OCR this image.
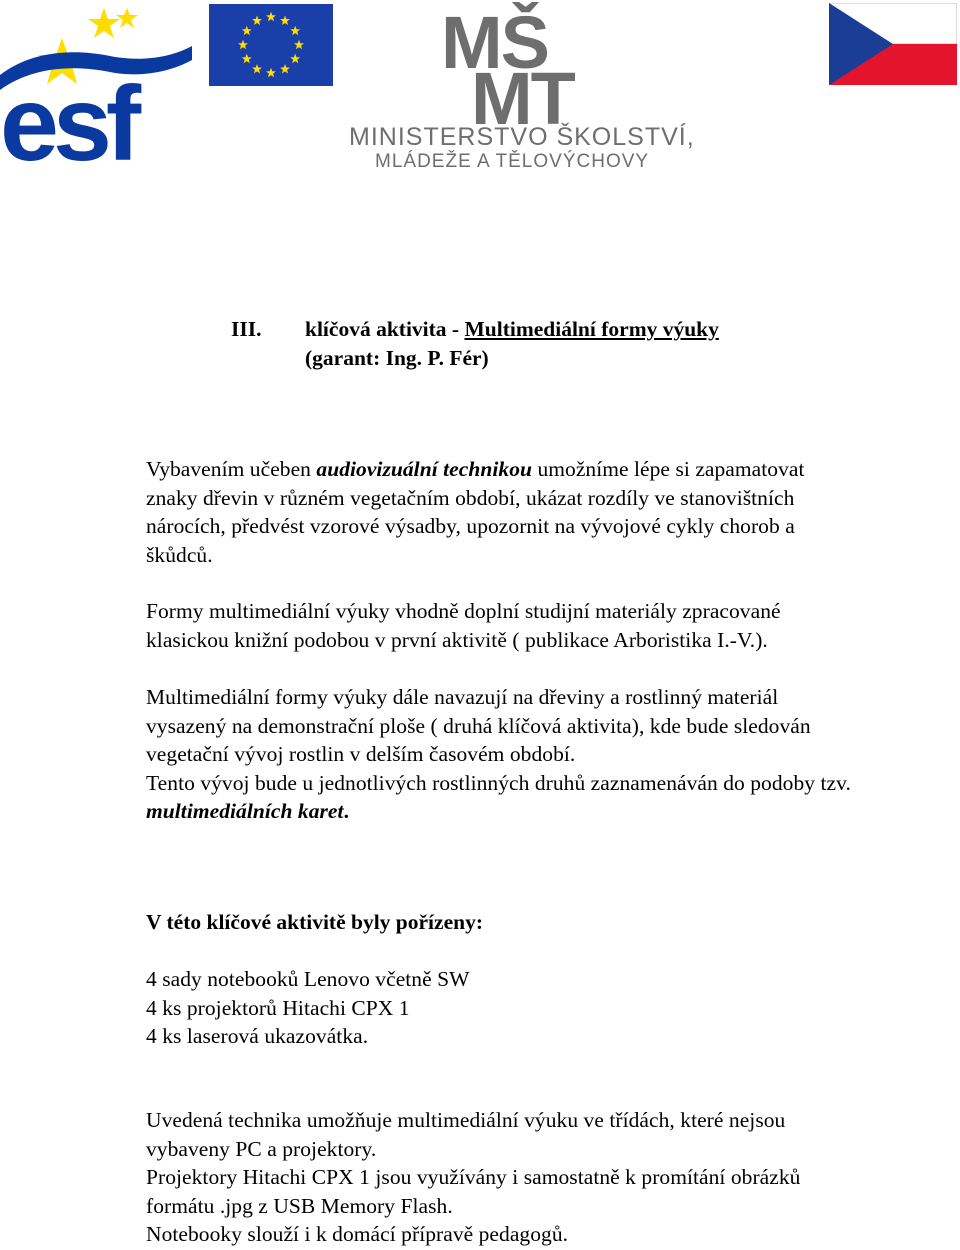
esf
MŠ
MT
MINISTERSTVO ŠKOLSTVÍ,
MLÁDEŽE A TĚLOVÝCHOVY
III. klíčová aktivita - Multimediální formy výuky
(garant: Ing. P. Fér)
Vybavením učeben audiovizuální technikou umožníme lépe si zapamatovat
znaky dřevin v různém vegetačním období, ukázat rozdíly ve stanovištních
nárocích, předvést vzorové výsadby, upozornit na vývojové cykly chorob a
škůdců.
Formy multimediální výuky vhodně doplní studijní materiály zpracované
klasickou knižní podobou v první aktivitě ( publikace Arboristika I.-V.).
Multimediální formy výuky dále navazují na dřeviny a rostlinný materiál
vysazený na demonstrační ploše ( druhá klíčová aktivita), kde bude sledován
vegetační vývoj rostlin v delším časovém období.
Tento vývoj bude u jednotlivých rostlinných druhů zaznamenáván do podoby tzv.
multimediálních karet.
V této klíčové aktivitě byly pořízeny:
4 sady notebooků Lenovo včetně SW
4 ks projektorů Hitachi CPX 1
4 ks laserová ukazovátka.
Uvedená technika umožňuje multimediální výuku ve třídách, které nejsou
vybaveny PC a projektory.
Projektory Hitachi CPX 1 jsou využívány i samostatně k promítání obrázků
formátu .jpg z USB Memory Flash.
Notebooky slouží i k domácí přípravě pedagogů.
